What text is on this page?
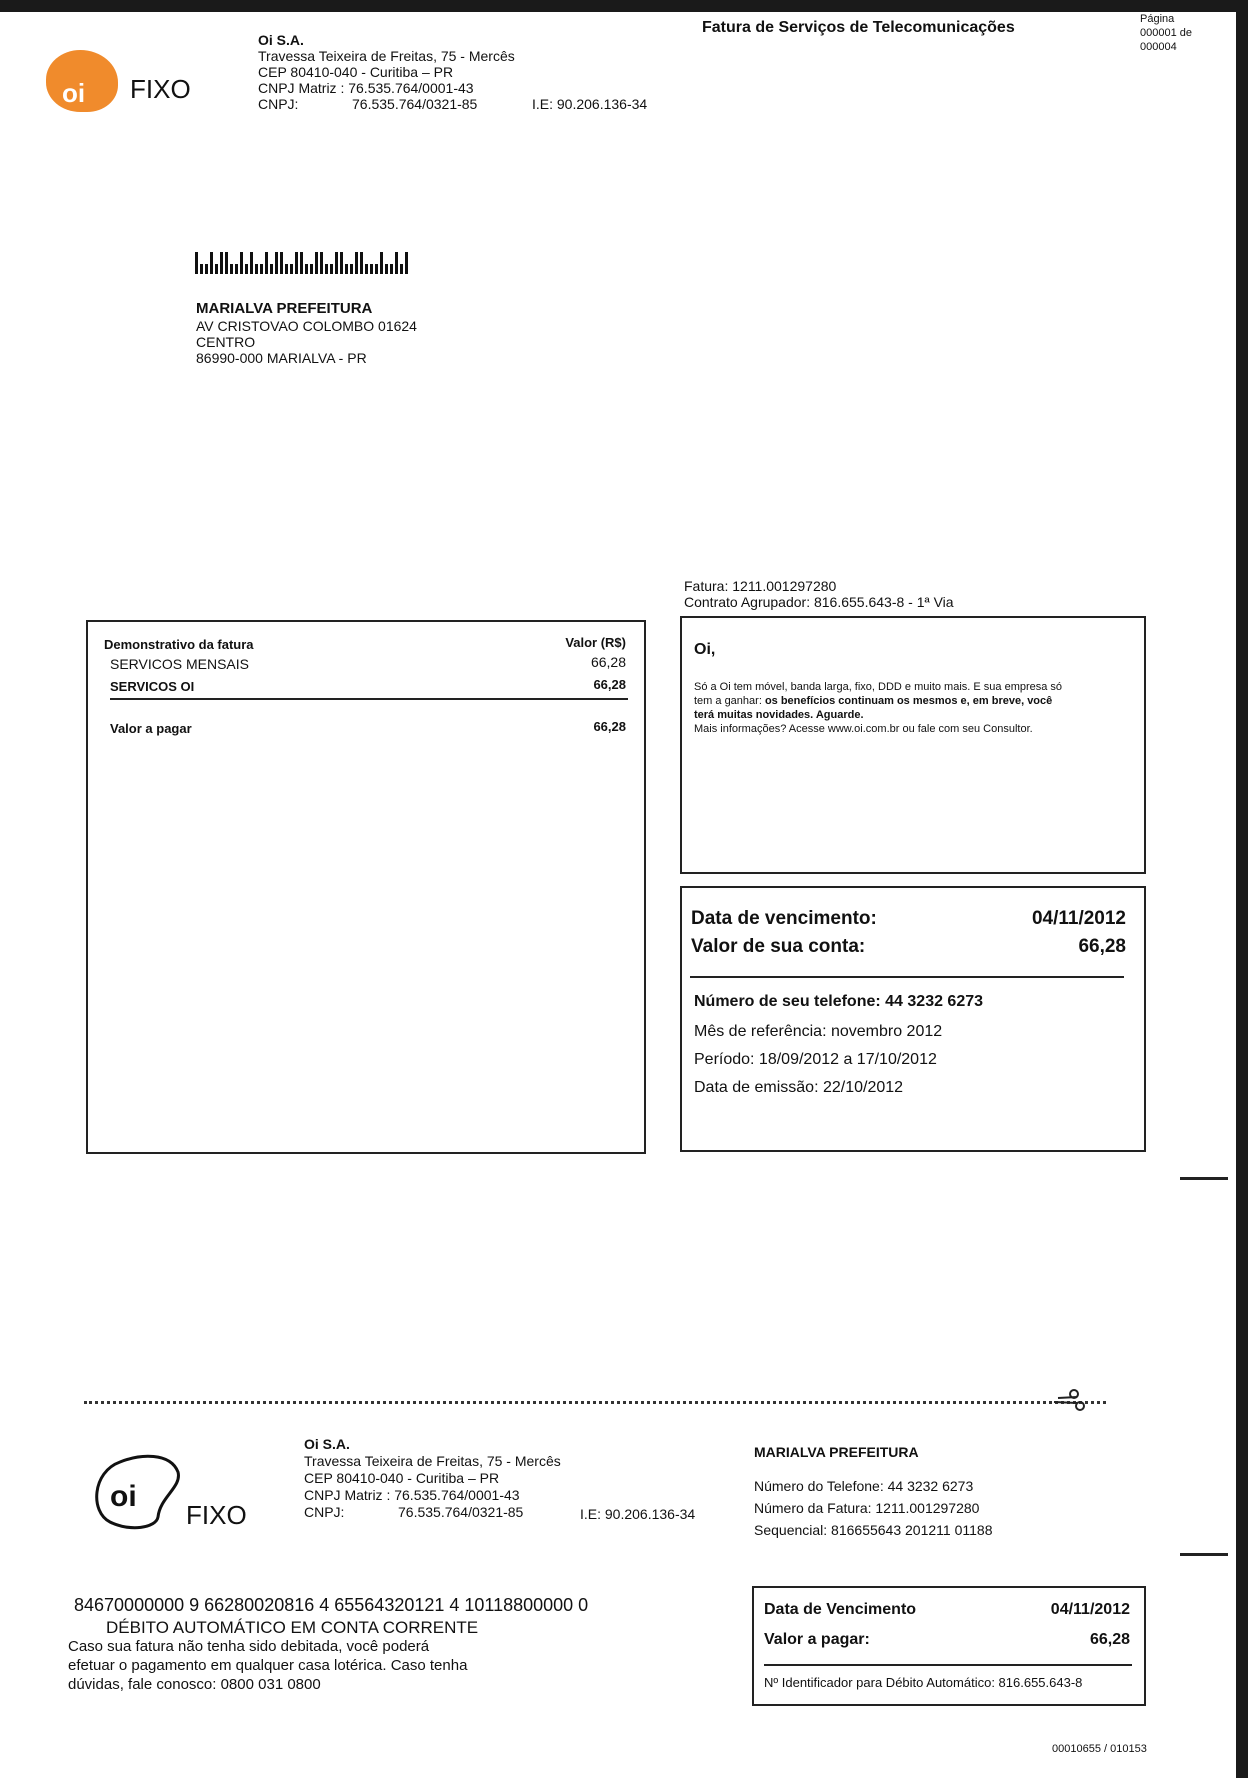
oi FIXO
Oi S.A.
Travessa Teixeira de Freitas, 75 - Mercês
CEP 80410-040 - Curitiba – PR
CNPJ Matriz : 76.535.764/0001-43
CNPJ:	76.535.764/0321-85	I.E: 90.206.136-34
Fatura de Serviços de Telecomunicações	Página
000001 de
000004
MARIALVA PREFEITURA
AV CRISTOVAO COLOMBO 01624
CENTRO
86990-000 MARIALVA - PR
Fatura: 1211.001297280
Contrato Agrupador: 816.655.643-8 - 1ª Via
Demonstrativo da fatura	Valor (R$)
SERVICOS MENSAIS	66,28
SERVICOS OI	66,28
Valor a pagar	66,28
Oi,
Só a Oi tem móvel, banda larga, fixo, DDD e muito mais. E sua empresa só
tem a ganhar: os benefícios continuam os mesmos e, em breve, você
terá muitas novidades. Aguarde.
Mais informações? Acesse www.oi.com.br ou fale com seu Consultor.
Data de vencimento:	04/11/2012
Valor de sua conta:	66,28
Número de seu telefone: 44 3232 6273
Mês de referência: novembro 2012
Período: 18/09/2012 a 17/10/2012
Data de emissão: 22/10/2012
oi
FIXO
Oi S.A.
Travessa Teixeira de Freitas, 75 - Mercês
CEP 80410-040 - Curitiba – PR
CNPJ Matriz : 76.535.764/0001-43
CNPJ:	76.535.764/0321-85	I.E: 90.206.136-34
MARIALVA PREFEITURA
Número do Telefone: 44 3232 6273
Número da Fatura: 1211.001297280
Sequencial: 816655643 201211 01188
84670000000 9 66280020816 4 65564320121 4 10118800000 0
DÉBITO AUTOMÁTICO EM CONTA CORRENTE
Caso sua fatura não tenha sido debitada, você poderá
efetuar o pagamento em qualquer casa lotérica. Caso tenha
dúvidas, fale conosco: 0800 031 0800
Data de Vencimento	04/11/2012
Valor a pagar:	66,28
Nº Identificador para Débito Automático: 816.655.643-8
00010655 / 010153
